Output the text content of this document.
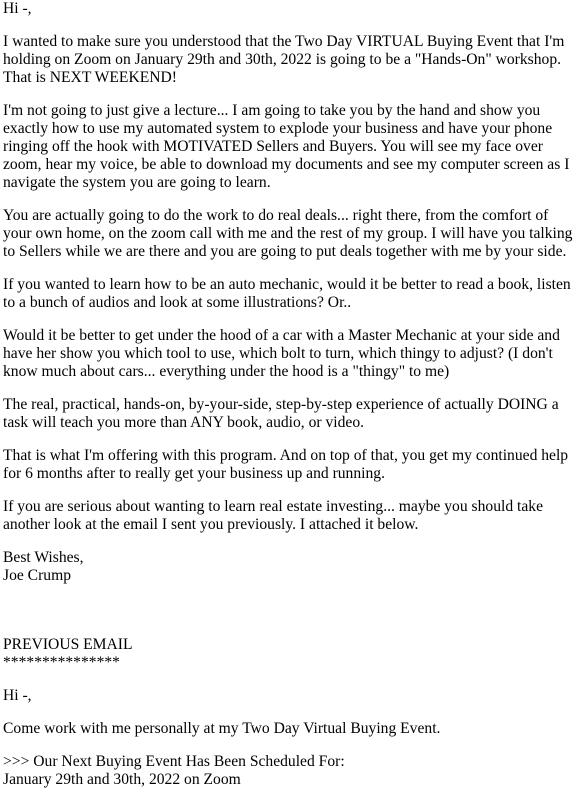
Hi -,

I wanted to make sure you understood that the Two Day VIRTUAL Buying Event that I'm holding on Zoom on January 29th and 30th, 2022 is going to be a "Hands-On" workshop. That is NEXT WEEKEND!

I'm not going to just give a lecture... I am going to take you by the hand and show you exactly how to use my automated system to explode your business and have your phone ringing off the hook with MOTIVATED Sellers and Buyers. You will see my face over zoom, hear my voice, be able to download my documents and see my computer screen as I navigate the system you are going to learn.

You are actually going to do the work to do real deals... right there, from the comfort of your own home, on the zoom call with me and the rest of my group. I will have you talking to Sellers while we are there and you are going to put deals together with me by your side.

If you wanted to learn how to be an auto mechanic, would it be better to read a book, listen to a bunch of audios and look at some illustrations? Or..

Would it be better to get under the hood of a car with a Master Mechanic at your side and have her show you which tool to use, which bolt to turn, which thingy to adjust? (I don't know much about cars... everything under the hood is a "thingy" to me)

The real, practical, hands-on, by-your-side, step-by-step experience of actually DOING a task will teach you more than ANY book, audio, or video.

That is what I'm offering with this program. And on top of that, you get my continued help for 6 months after to really get your business up and running.

If you are serious about wanting to learn real estate investing... maybe you should take another look at the email I sent you previously. I attached it below.

Best Wishes,
Joe Crump

PREVIOUS EMAIL
***************

Hi -,

Come work with me personally at my Two Day Virtual Buying Event.

>>> Our Next Buying Event Has Been Scheduled For:
January 29th and 30th, 2022 on Zoom
